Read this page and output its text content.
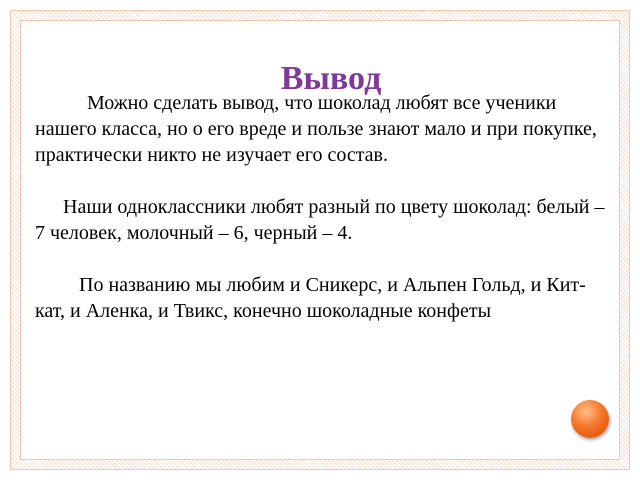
Вывод

Можно сделать вывод, что шоколад любят все ученики нашего класса, но о его вреде и пользе знают мало и при покупке, практически никто не изучает его состав.

Наши одноклассники любят разный по цвету шоколад: белый – 7 человек, молочный – 6, черный – 4.

По названию мы любим и Сникерс, и Альпен Гольд, и Кит-кат, и Аленка, и Твикс, конечно шоколадные конфеты
